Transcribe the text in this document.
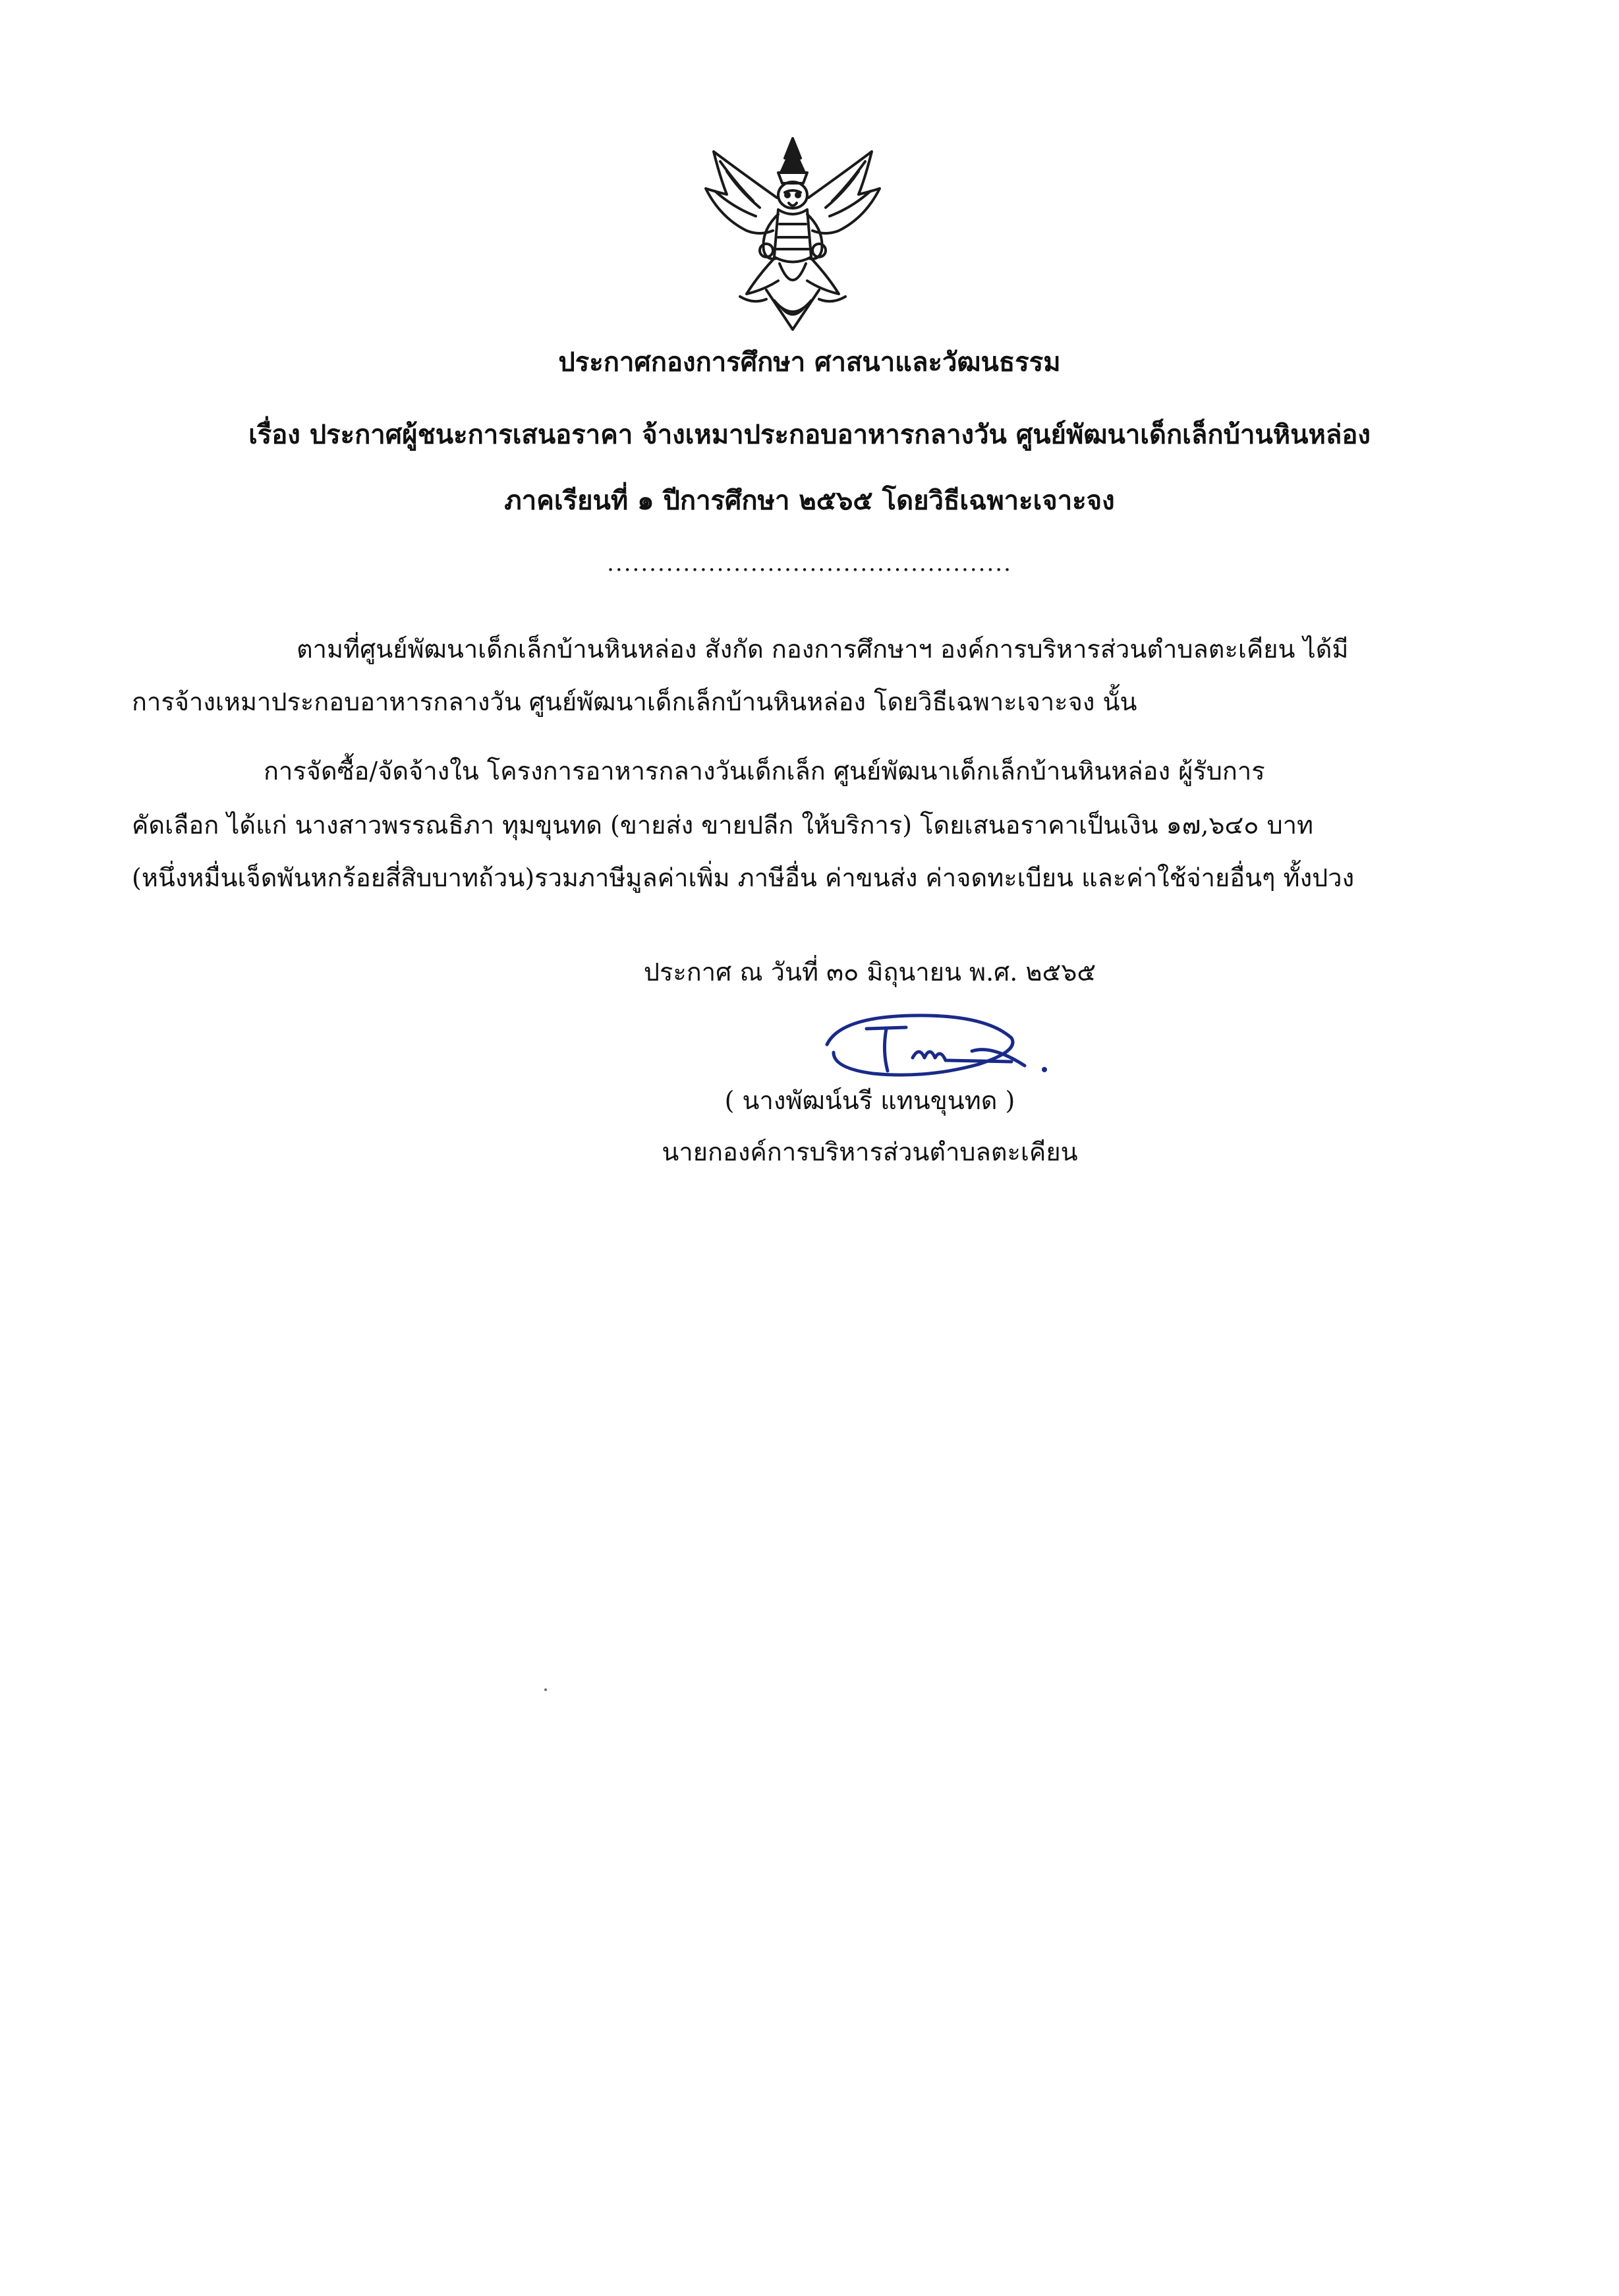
ประกาศกองการศึกษา ศาสนาและวัฒนธรรม
เรื่อง ประกาศผู้ชนะการเสนอราคา จ้างเหมาประกอบอาหารกลางวัน ศูนย์พัฒนาเด็กเล็กบ้านหินหล่อง
ภาคเรียนที่ ๑ ปีการศึกษา ๒๕๖๕ โดยวิธีเฉพาะเจาะจง
................................................
ตามที่ศูนย์พัฒนาเด็กเล็กบ้านหินหล่อง สังกัด กองการศึกษาฯ องค์การบริหารส่วนตำบลตะเคียน ได้มี
การจ้างเหมาประกอบอาหารกลางวัน ศูนย์พัฒนาเด็กเล็กบ้านหินหล่อง โดยวิธีเฉพาะเจาะจง นั้น
การจัดซื้อ/จัดจ้างใน โครงการอาหารกลางวันเด็กเล็ก ศูนย์พัฒนาเด็กเล็กบ้านหินหล่อง ผู้รับการ
คัดเลือก ได้แก่ นางสาวพรรณธิภา ทุมขุนทด (ขายส่ง ขายปลีก ให้บริการ) โดยเสนอราคาเป็นเงิน ๑๗,๖๔๐ บาท
(หนึ่งหมื่นเจ็ดพันหกร้อยสี่สิบบาทถ้วน)รวมภาษีมูลค่าเพิ่ม ภาษีอื่น ค่าขนส่ง ค่าจดทะเบียน และค่าใช้จ่ายอื่นๆ ทั้งปวง
ประกาศ ณ วันที่ ๓๐ มิถุนายน พ.ศ. ๒๕๖๕
( นางพัฒน์นรี แทนขุนทด )
นายกองค์การบริหารส่วนตำบลตะเคียน
